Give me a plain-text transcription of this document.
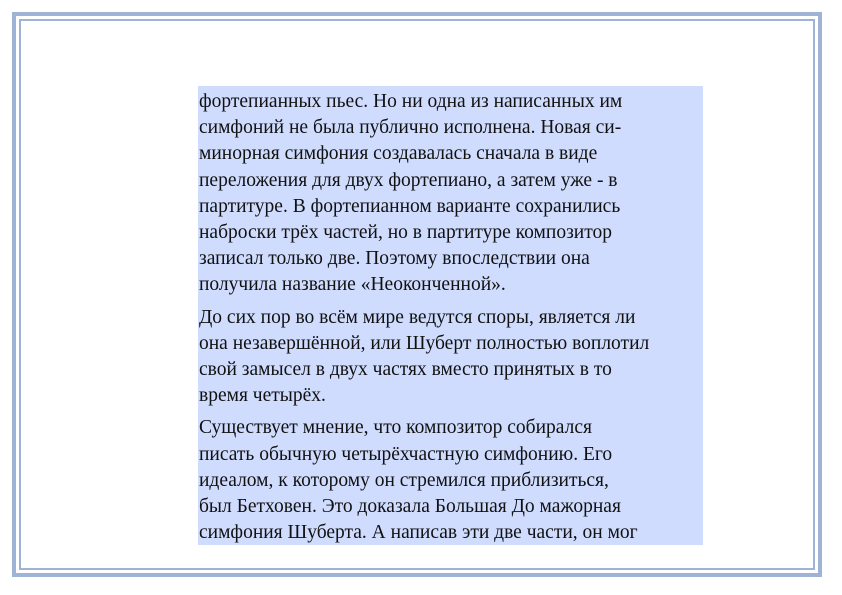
фортепианных пьес. Но ни одна из написанных им
симфоний не была публично исполнена. Новая си-
минорная симфония создавалась сначала в виде
переложения для двух фортепиано, а затем уже - в
партитуре. В фортепианном варианте сохранились
наброски трёх частей, но в партитуре композитор
записал только две. Поэтому впоследствии она
получила название «Неоконченной».
До сих пор во всём мире ведутся споры, является ли
она незавершённой, или Шуберт полностью воплотил
свой замысел в двух частях вместо принятых в то
время четырёх.
Существует мнение, что композитор собирался
писать обычную четырёхчастную симфонию. Его
идеалом, к которому он стремился приблизиться,
был Бетховен. Это доказала Большая До мажорная
симфония Шуберта. А написав эти две части, он мог
